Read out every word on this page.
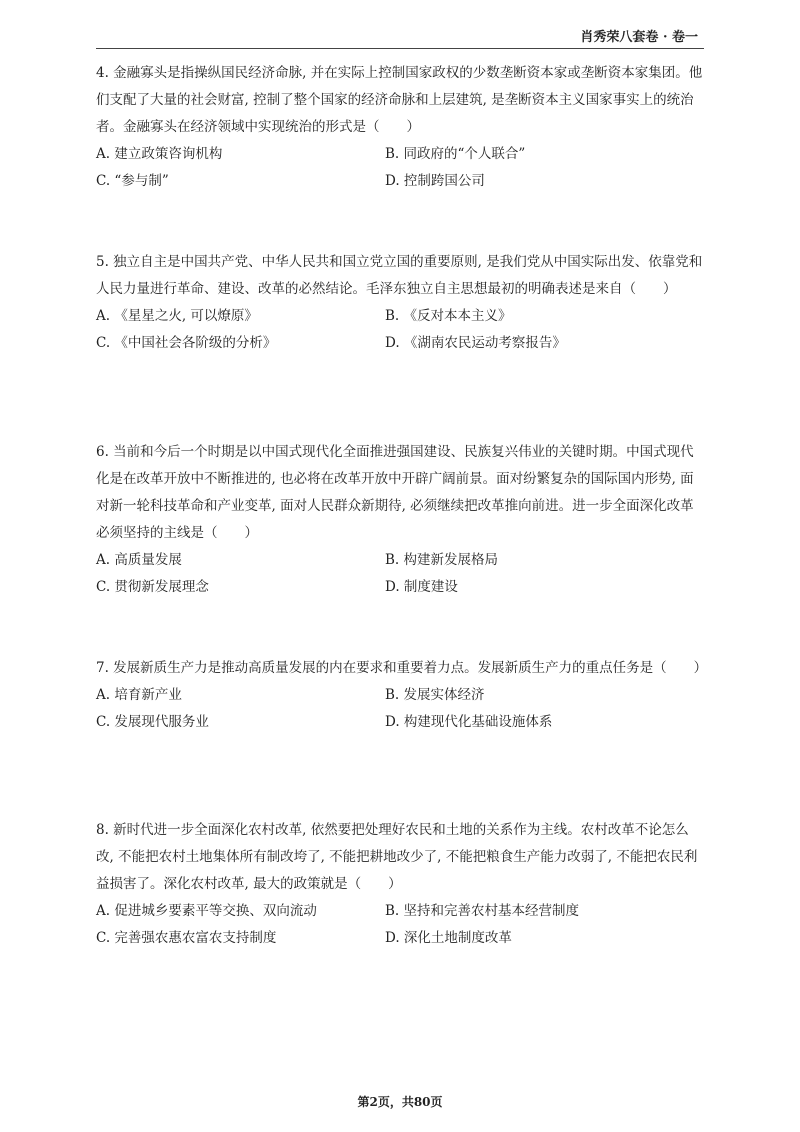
肖秀荣八套卷 · 卷一

4. 金融寡头是指操纵国民经济命脉, 并在实际上控制国家政权的少数垄断资本家或垄断资本家集团。他们支配了大量的社会财富, 控制了整个国家的经济命脉和上层建筑, 是垄断资本主义国家事实上的统治者。金融寡头在经济领域中实现统治的形式是（　　）

A. 建立政策咨询机构	B. 同政府的“个人联合”
C. “参与制”	D. 控制跨国公司

5. 独立自主是中国共产党、中华人民共和国立党立国的重要原则, 是我们党从中国实际出发、依靠党和人民力量进行革命、建设、改革的必然结论。毛泽东独立自主思想最初的明确表述是来自（　　）

A. 《星星之火, 可以燎原》	B. 《反对本本主义》
C. 《中国社会各阶级的分析》	D. 《湖南农民运动考察报告》

6. 当前和今后一个时期是以中国式现代化全面推进强国建设、民族复兴伟业的关键时期。中国式现代化是在改革开放中不断推进的, 也必将在改革开放中开辟广阔前景。面对纷繁复杂的国际国内形势, 面对新一轮科技革命和产业变革, 面对人民群众新期待, 必须继续把改革推向前进。进一步全面深化改革必须坚持的主线是（　　）

A. 高质量发展	B. 构建新发展格局
C. 贯彻新发展理念	D. 制度建设

7. 发展新质生产力是推动高质量发展的内在要求和重要着力点。发展新质生产力的重点任务是（　　）

A. 培育新产业	B. 发展实体经济
C. 发展现代服务业	D. 构建现代化基础设施体系

8. 新时代进一步全面深化农村改革, 依然要把处理好农民和土地的关系作为主线。农村改革不论怎么改, 不能把农村土地集体所有制改垮了, 不能把耕地改少了, 不能把粮食生产能力改弱了, 不能把农民利益损害了。深化农村改革, 最大的政策就是（　　）

A. 促进城乡要素平等交换、双向流动	B. 坚持和完善农村基本经营制度
C. 完善强农惠农富农支持制度	D. 深化土地制度改革
第2页，共80页
